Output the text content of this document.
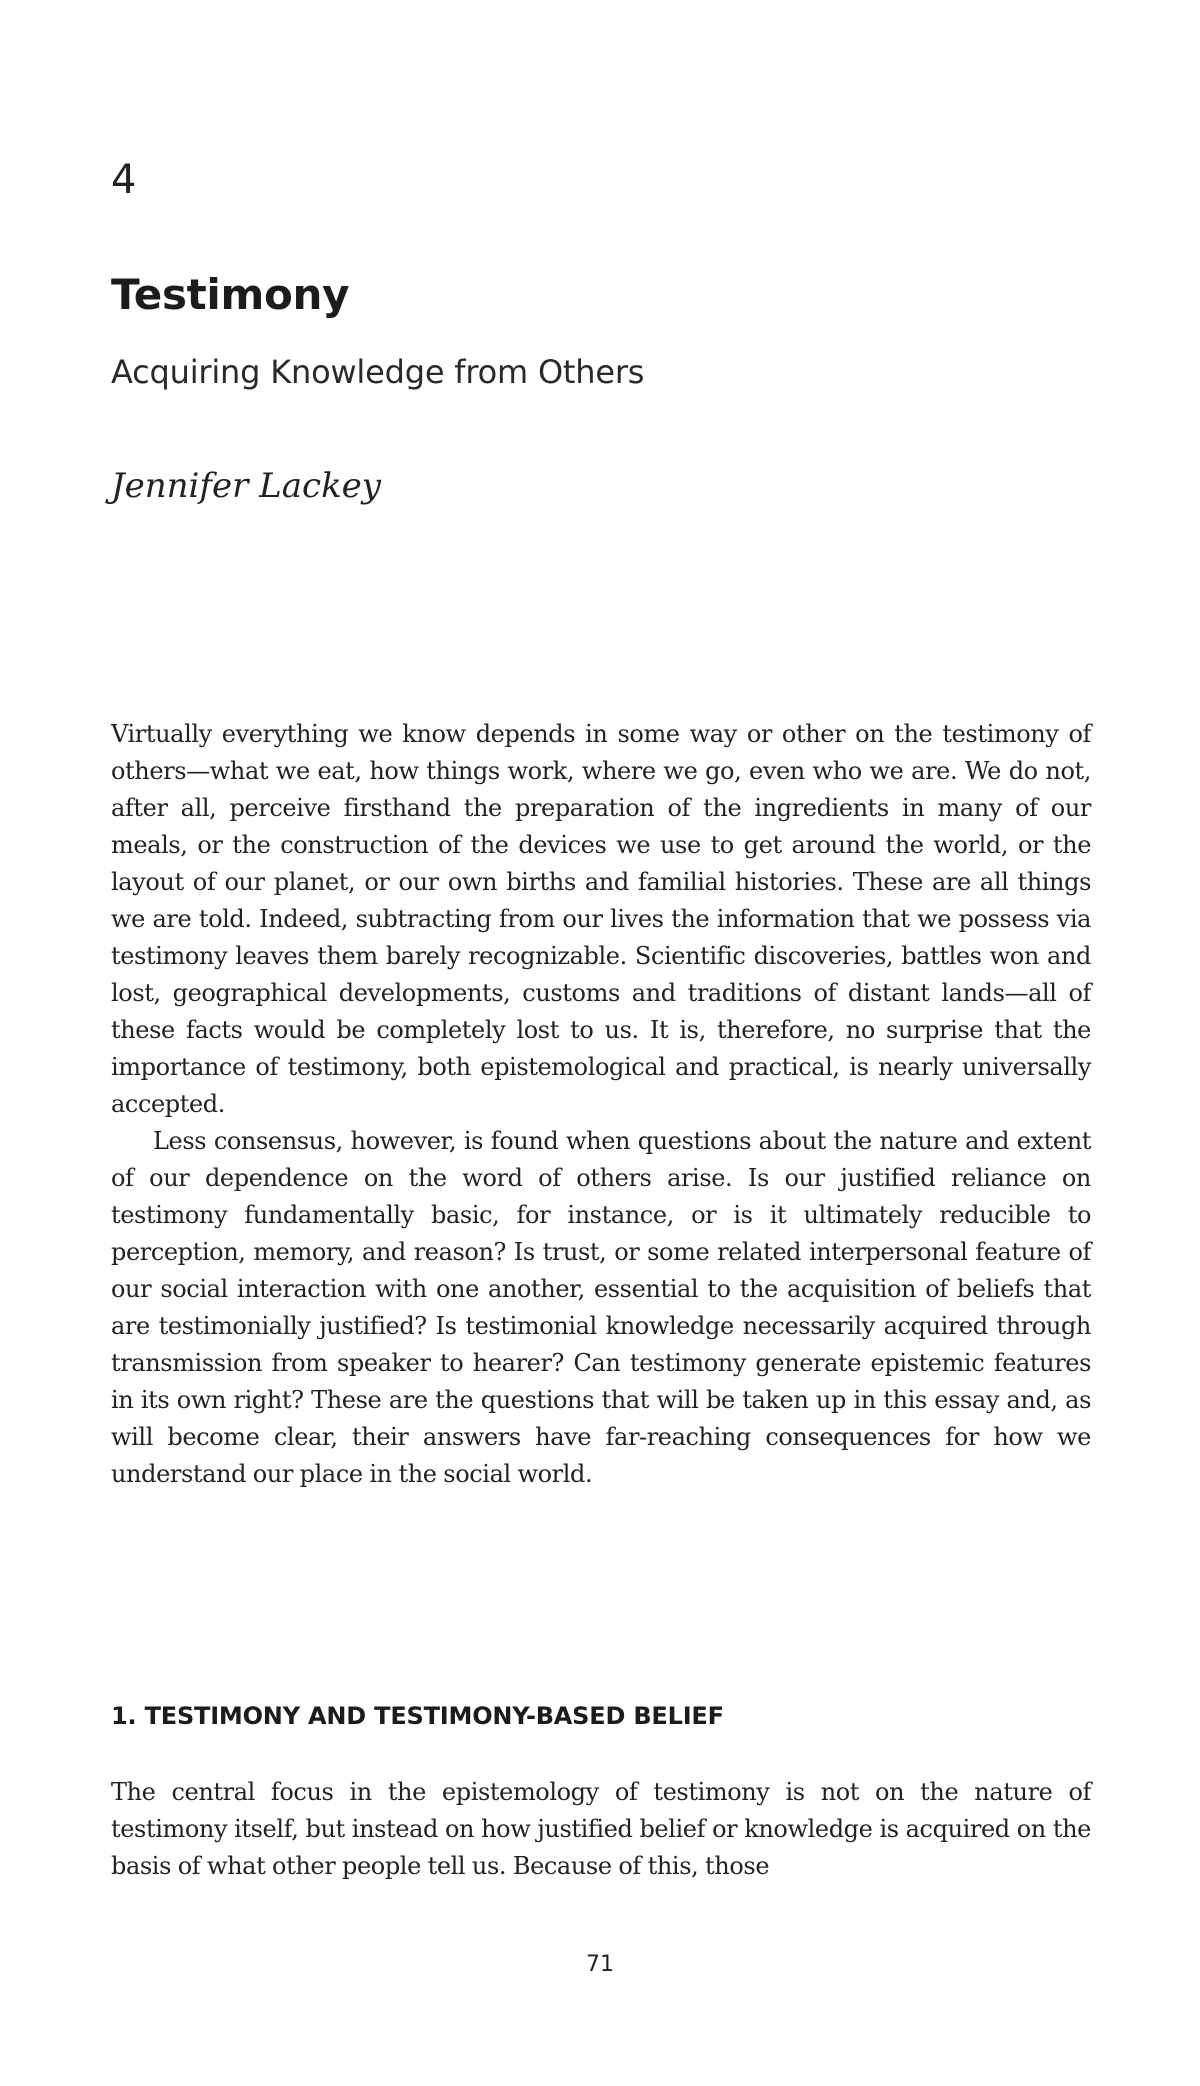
4
Testimony
Acquiring Knowledge from Others
Jennifer Lackey

Virtually everything we know depends in some way or other on the testimony of others—what we eat, how things work, where we go, even who we are. We do not, after all, perceive firsthand the preparation of the ingredients in many of our meals, or the construction of the devices we use to get around the world, or the layout of our planet, or our own births and familial histories. These are all things we are told. Indeed, subtracting from our lives the information that we possess via testimony leaves them barely recognizable. Scientific discoveries, battles won and lost, geographical developments, customs and traditions of distant lands—all of these facts would be completely lost to us. It is, therefore, no surprise that the importance of testimony, both epistemological and practical, is nearly universally accepted.

Less consensus, however, is found when questions about the nature and extent of our dependence on the word of others arise. Is our justified reliance on testimony fundamentally basic, for instance, or is it ultimately reducible to perception, memory, and reason? Is trust, or some related interpersonal feature of our social interaction with one another, essential to the acquisition of beliefs that are testimonially justified? Is testimonial knowledge necessarily acquired through transmission from speaker to hearer? Can testimony generate epistemic features in its own right? These are the questions that will be taken up in this essay and, as will become clear, their answers have far-reaching consequences for how we understand our place in the social world.

1. TESTIMONY AND TESTIMONY-BASED BELIEF

The central focus in the epistemology of testimony is not on the nature of testimony itself, but instead on how justified belief or knowledge is acquired on the basis of what other people tell us. Because of this, those

71
